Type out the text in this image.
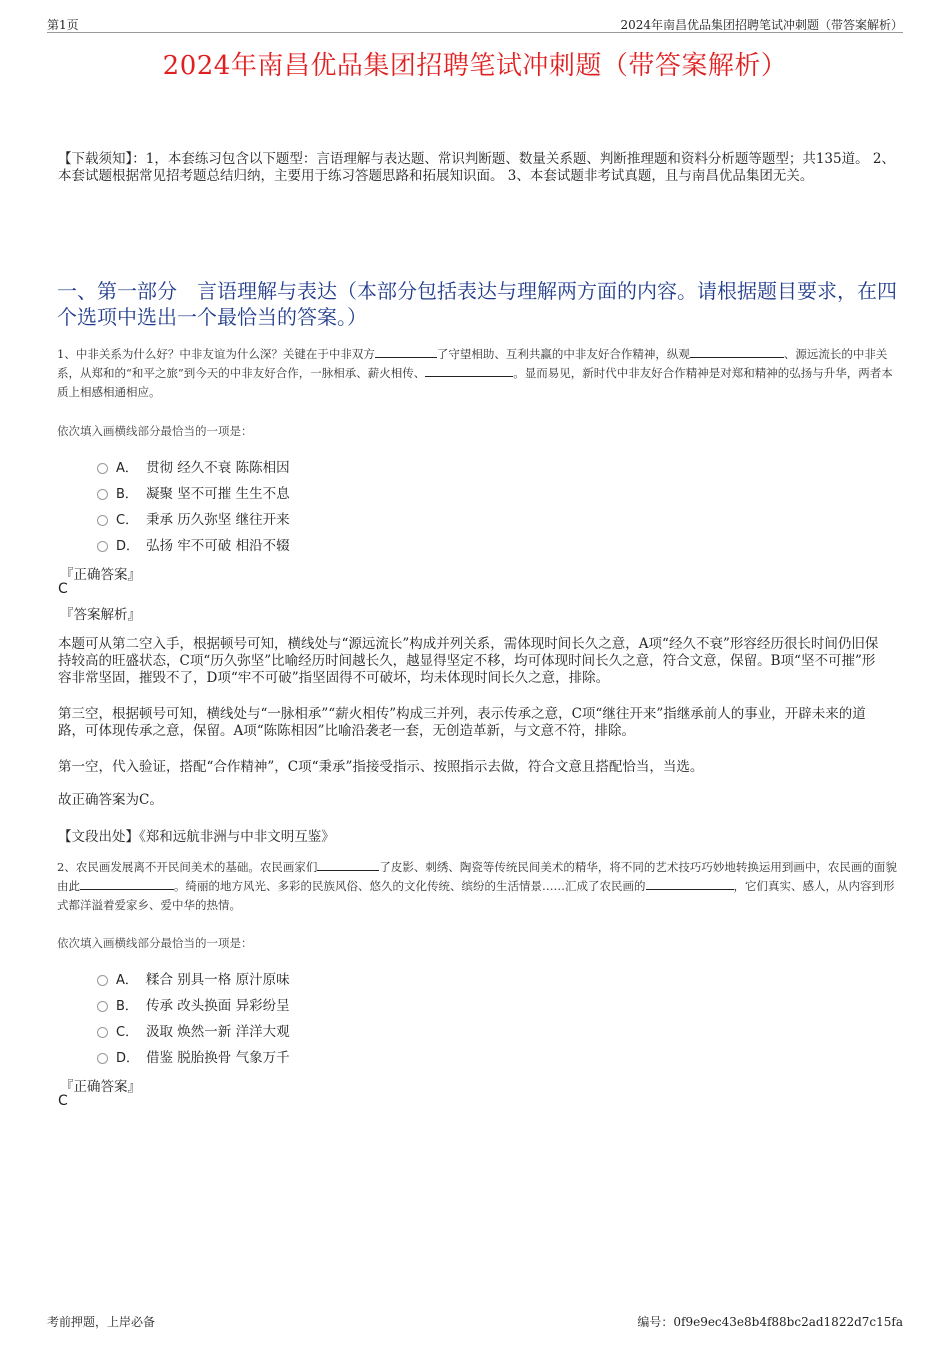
第1页	2024年南昌优品集团招聘笔试冲刺题（带答案解析）
2024年南昌优品集团招聘笔试冲刺题（带答案解析）
【下载须知】：1，本套练习包含以下题型：言语理解与表达题、常识判断题、数量关系题、判断推理题和资料分析题等题型；共135道。 2、本套试题根据常见招考题总结归纳，主要用于练习答题思路和拓展知识面。 3、本套试题非考试真题，且与南昌优品集团无关。
一、第一部分　言语理解与表达（本部分包括表达与理解两方面的内容。请根据题目要求，在四个选项中选出一个最恰当的答案。）
1、中非关系为什么好？中非友谊为什么深？关键在于中非双方	了守望相助、互利共赢的中非友好合作精神，纵观	、源远流长的中非关系，从郑和的“和平之旅”到今天的中非友好合作，一脉相承、薪火相传、	。显而易见，新时代中非友好合作精神是对郑和精神的弘扬与升华，两者本质上相感相通相应。
依次填入画横线部分最恰当的一项是：
A． 贯彻 经久不衰 陈陈相因
B． 凝聚 坚不可摧 生生不息
C． 秉承 历久弥坚 继往开来
D． 弘扬 牢不可破 相沿不辍
『正确答案』
C
『答案解析』
本题可从第二空入手，根据顿号可知，横线处与“源远流长”构成并列关系，需体现时间长久之意，A项“经久不衰”形容经历很长时间仍旧保持较高的旺盛状态，C项“历久弥坚”比喻经历时间越长久，越显得坚定不移，均可体现时间长久之意，符合文意，保留。B项“坚不可摧”形容非常坚固，摧毁不了，D项“牢不可破”指坚固得不可破坏，均未体现时间长久之意，排除。
第三空，根据顿号可知，横线处与“一脉相承”“薪火相传”构成三并列，表示传承之意，C项“继往开来”指继承前人的事业，开辟未来的道路，可体现传承之意，保留。A项“陈陈相因”比喻沿袭老一套，无创造革新，与文意不符，排除。
第一空，代入验证，搭配“合作精神”，C项“秉承”指接受指示、按照指示去做，符合文意且搭配恰当，当选。
故正确答案为C。
【文段出处】《郑和远航非洲与中非文明互鉴》
2、农民画发展离不开民间美术的基础。农民画家们	了皮影、刺绣、陶瓷等传统民间美术的精华，将不同的艺术技巧巧妙地转换运用到画中，农民画的面貌由此	。绮丽的地方风光、多彩的民族风俗、悠久的文化传统、缤纷的生活情景……汇成了农民画的	，它们真实、感人，从内容到形式都洋溢着爱家乡、爱中华的热情。
依次填入画横线部分最恰当的一项是：
A． 糅合 别具一格 原汁原味
B． 传承 改头换面 异彩纷呈
C． 汲取 焕然一新 洋洋大观
D． 借鉴 脱胎换骨 气象万千
『正确答案』
C
考前押题，上岸必备	编号：0f9e9ec43e8b4f88bc2ad1822d7c15fa
